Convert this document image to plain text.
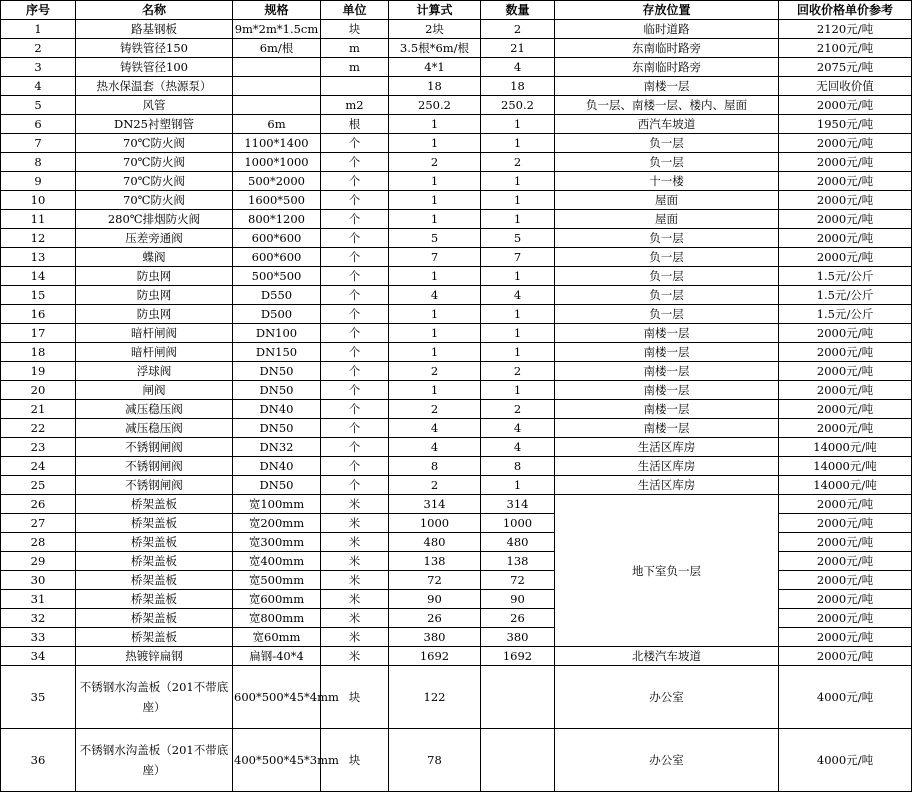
序号	名称	规格	单位	计算式	数量	存放位置	回收价格单价参考
1	路基钢板	9m*2m*1.5cm	块	2块	2	临时道路	2120元/吨
2	铸铁管径150	6m/根	m	3.5根*6m/根	21	东南临时路旁	2100元/吨
3	铸铁管径100		m	4*1	4	东南临时路旁	2075元/吨
4	热水保温套（热源泵）			18	18	南楼一层	无回收价值
5	风管		m2	250.2	250.2	负一层、南楼一层、楼内、屋面	2000元/吨
6	DN25衬塑钢管	6m	根	1	1	西汽车坡道	1950元/吨
7	70℃防火阀	1100*1400	个	1	1	负一层	2000元/吨
8	70℃防火阀	1000*1000	个	2	2	负一层	2000元/吨
9	70℃防火阀	500*2000	个	1	1	十一楼	2000元/吨
10	70℃防火阀	1600*500	个	1	1	屋面	2000元/吨
11	280℃排烟防火阀	800*1200	个	1	1	屋面	2000元/吨
12	压差旁通阀	600*600	个	5	5	负一层	2000元/吨
13	蝶阀	600*600	个	7	7	负一层	2000元/吨
14	防虫网	500*500	个	1	1	负一层	1.5元/公斤
15	防虫网	D550	个	4	4	负一层	1.5元/公斤
16	防虫网	D500	个	1	1	负一层	1.5元/公斤
17	暗杆闸阀	DN100	个	1	1	南楼一层	2000元/吨
18	暗杆闸阀	DN150	个	1	1	南楼一层	2000元/吨
19	浮球阀	DN50	个	2	2	南楼一层	2000元/吨
20	闸阀	DN50	个	1	1	南楼一层	2000元/吨
21	减压稳压阀	DN40	个	2	2	南楼一层	2000元/吨
22	减压稳压阀	DN50	个	4	4	南楼一层	2000元/吨
23	不锈钢闸阀	DN32	个	4	4	生活区库房	14000元/吨
24	不锈钢闸阀	DN40	个	8	8	生活区库房	14000元/吨
25	不锈钢闸阀	DN50	个	2	1	生活区库房	14000元/吨
26	桥架盖板	宽100mm	米	314	314	地下室负一层	2000元/吨
27	桥架盖板	宽200mm	米	1000	1000		2000元/吨
28	桥架盖板	宽300mm	米	480	480		2000元/吨
29	桥架盖板	宽400mm	米	138	138		2000元/吨
30	桥架盖板	宽500mm	米	72	72		2000元/吨
31	桥架盖板	宽600mm	米	90	90		2000元/吨
32	桥架盖板	宽800mm	米	26	26		2000元/吨
33	桥架盖板	宽60mm	米	380	380		2000元/吨
34	热镀锌扁钢	扁钢-40*4	米	1692	1692	北楼汽车坡道	2000元/吨
35	不锈钢水沟盖板（201不带底座）	600*500*45*4mm	块	122		办公室	4000元/吨
36	不锈钢水沟盖板（201不带底座）	400*500*45*3mm	块	78		办公室	4000元/吨
